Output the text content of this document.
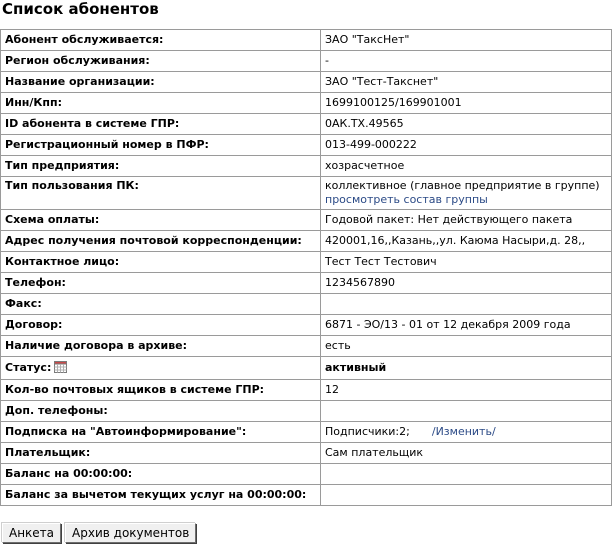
Список абонентов
Абонент обслуживается:	ЗАО "ТаксНет"
Регион обслуживания:	-
Название организации:	ЗАО "Тест-Такснет"
Инн/Кпп:	1699100125/169901001
ID абонента в системе ГПР:	0АК.ТХ.49565
Регистрационный номер в ПФР:	013-499-000222
Тип предприятия:	хозрасчетное
Тип пользования ПК:	коллективное (главное предприятие в группе)
просмотреть состав группы

Схема оплаты:	Годовой пакет: Нет действующего пакета
Адрес получения почтовой корреспонденции:	420001,16,,Казань,,ул. Каюма Насыри,д. 28,,
Контактное лицо:	Тест Тест Тестович
Телефон:	1234567890
Факс:	
Договор:	6871 - ЭО/13 - 01 от 12 декабря 2009 года
Наличие договора в архиве:	есть
Статус:	активный
Кол-во почтовых ящиков в системе ГПР:	12
Доп. телефоны:	
Подписка на "Автоинформирование":	Подписчики:2; /Изменить/
Плательщик:	Сам плательщик
Баланс на 00:00:00:	
Баланс за вычетом текущих услуг на 00:00:00:	
Анкета	Архив документов
